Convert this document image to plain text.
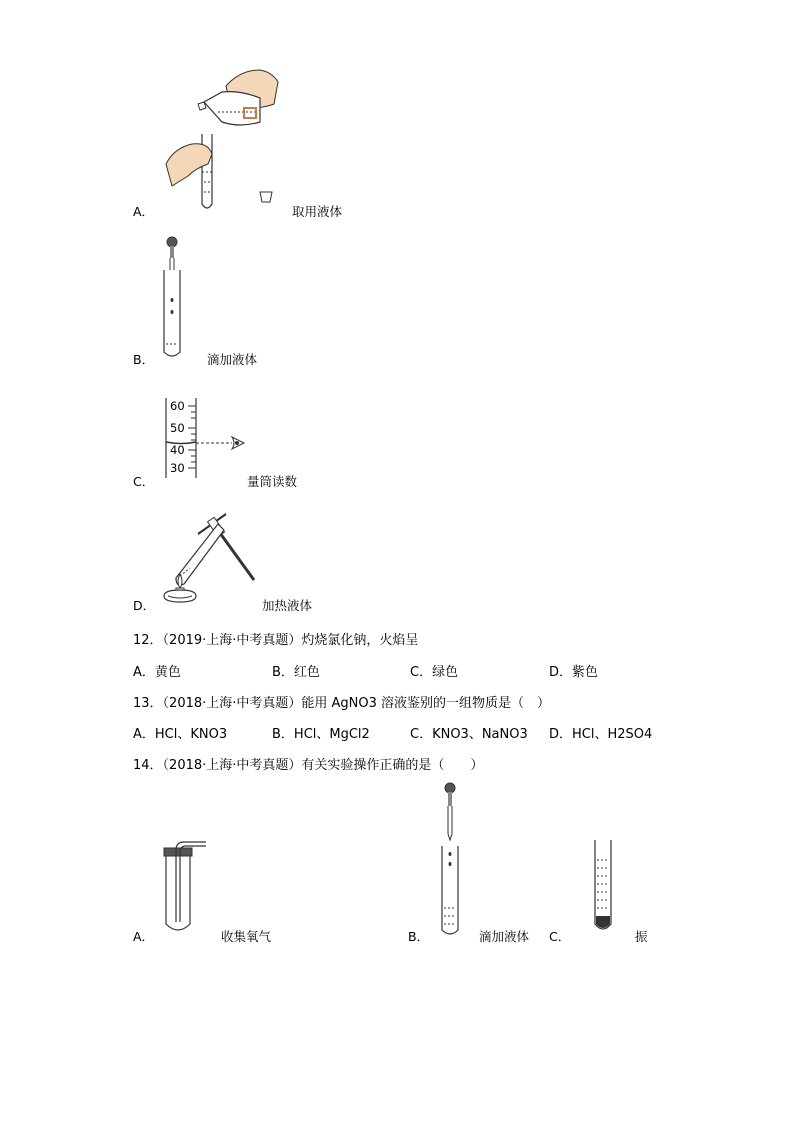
A．	取用液体
B．	滴加液体
60
50
40
30
C．	量筒读数
D．	加热液体
12．（2019·上海·中考真题）灼烧氯化钠，火焰呈
A．黄色	B．红色	C．绿色	D．紫色
13．（2018·上海·中考真题）能用 AgNO3 溶液鉴别的一组物质是（　）
A．HCl、KNO3	B．HCl、MgCl2	C．KNO3、NaNO3 D．HCl、H2SO4
14．（2018·上海·中考真题）有关实验操作正确的是（　　）
A．	收集氧气	B．	滴加液体 C．	振
